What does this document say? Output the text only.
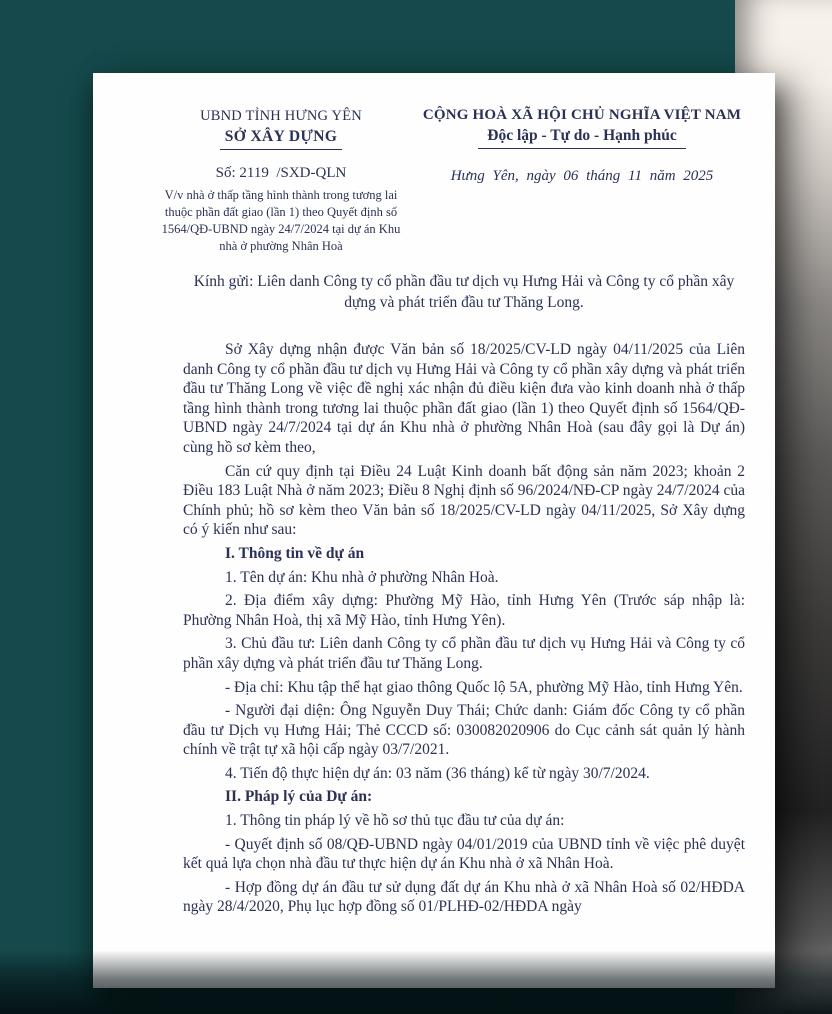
UBND TỈNH HƯNG YÊN
SỞ XÂY DỰNG
Số: 2119  /SXD-QLN
V/v nhà ở thấp tầng hình thành trong tương lai thuộc phần đất giao (lần 1) theo Quyết định số 1564/QĐ-UBND ngày 24/7/2024 tại dự án Khu nhà ở phường Nhân Hoà
CỘNG HOÀ XÃ HỘI CHỦ NGHĨA VIỆT NAM
Độc lập - Tự do - Hạnh phúc
Hưng Yên, ngày 06 tháng 11 năm 2025
Kính gửi: Liên danh Công ty cổ phần đầu tư dịch vụ Hưng Hải và Công ty cổ phần xây dựng và phát triển đầu tư Thăng Long.

Sở Xây dựng nhận được Văn bản số 18/2025/CV-LD ngày 04/11/2025 của Liên danh Công ty cổ phần đầu tư dịch vụ Hưng Hải và Công ty cổ phần xây dựng và phát triển đầu tư Thăng Long về việc đề nghị xác nhận đủ điều kiện đưa vào kinh doanh nhà ở thấp tầng hình thành trong tương lai thuộc phần đất giao (lần 1) theo Quyết định số 1564/QĐ-UBND ngày 24/7/2024 tại dự án Khu nhà ở phường Nhân Hoà (sau đây gọi là Dự án) cùng hồ sơ kèm theo,

Căn cứ quy định tại Điều 24 Luật Kinh doanh bất động sản năm 2023; khoản 2 Điều 183 Luật Nhà ở năm 2023; Điều 8 Nghị định số 96/2024/NĐ-CP ngày 24/7/2024 của Chính phủ; hồ sơ kèm theo Văn bản số 18/2025/CV-LD ngày 04/11/2025, Sở Xây dựng có ý kiến như sau:

I. Thông tin về dự án

1. Tên dự án: Khu nhà ở phường Nhân Hoà.

2. Địa điểm xây dựng: Phường Mỹ Hào, tỉnh Hưng Yên (Trước sáp nhập là: Phường Nhân Hoà, thị xã Mỹ Hào, tỉnh Hưng Yên).

3. Chủ đầu tư: Liên danh Công ty cổ phần đầu tư dịch vụ Hưng Hải và Công ty cổ phần xây dựng và phát triển đầu tư Thăng Long.

- Địa chỉ: Khu tập thể hạt giao thông Quốc lộ 5A, phường Mỹ Hào, tỉnh Hưng Yên.

- Người đại diện: Ông Nguyễn Duy Thái; Chức danh: Giám đốc Công ty cổ phần đầu tư Dịch vụ Hưng Hải; Thẻ CCCD số: 030082020906 do Cục cảnh sát quản lý hành chính về trật tự xã hội cấp ngày 03/7/2021.

4. Tiến độ thực hiện dự án: 03 năm (36 tháng) kể từ ngày 30/7/2024.

II. Pháp lý của Dự án:

1. Thông tin pháp lý về hồ sơ thủ tục đầu tư của dự án:

- Quyết định số 08/QĐ-UBND ngày 04/01/2019 của UBND tỉnh về việc phê duyệt kết quả lựa chọn nhà đầu tư thực hiện dự án Khu nhà ở xã Nhân Hoà.

- Hợp đồng dự án đầu tư sử dụng đất dự án Khu nhà ở xã Nhân Hoà số 02/HĐDA ngày 28/4/2020, Phụ lục hợp đồng số 01/PLHĐ-02/HĐDA ngày
